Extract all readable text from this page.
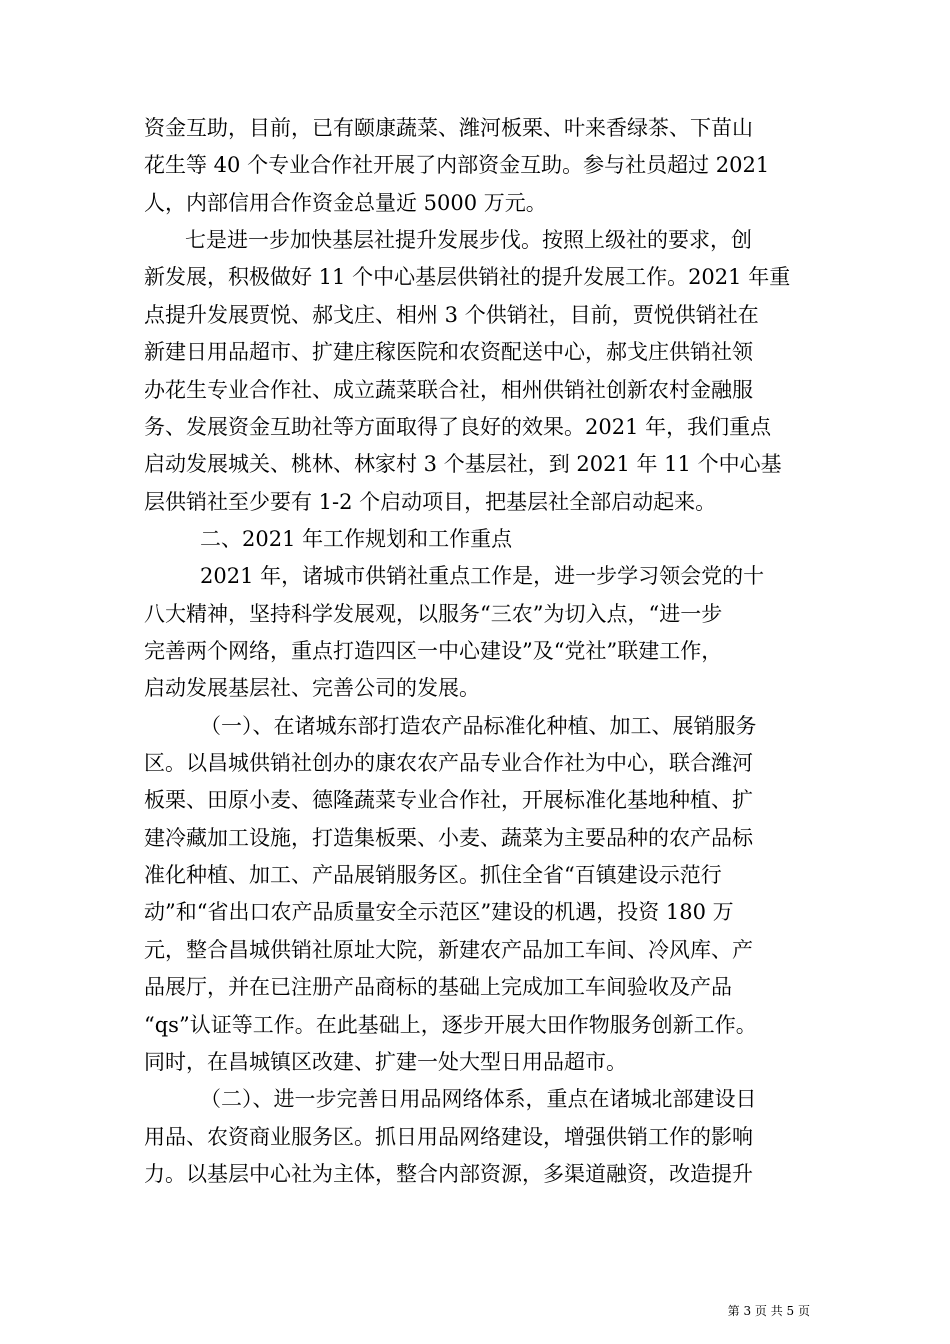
资金互助，目前，已有颐康蔬菜、潍河板栗、叶来香绿茶、下苗山
花生等 40 个专业合作社开展了内部资金互助。参与社员超过 2021
人，内部信用合作资金总量近 5000 万元。
七是进一步加快基层社提升发展步伐。按照上级社的要求，创
新发展，积极做好 11 个中心基层供销社的提升发展工作。2021 年重
点提升发展贾悦、郝戈庄、相州 3 个供销社，目前，贾悦供销社在
新建日用品超市、扩建庄稼医院和农资配送中心，郝戈庄供销社领
办花生专业合作社、成立蔬菜联合社，相州供销社创新农村金融服
务、发展资金互助社等方面取得了良好的效果。2021 年，我们重点
启动发展城关、桃林、林家村 3 个基层社，到 2021 年 11 个中心基
层供销社至少要有 1-2 个启动项目，把基层社全部启动起来。
二、2021 年工作规划和工作重点
2021 年，诸城市供销社重点工作是，进一步学习领会党的十
八大精神，坚持科学发展观，以服务“三农”为切入点，“进一步
完善两个网络，重点打造四区一中心建设”及“党社”联建工作，
启动发展基层社、完善公司的发展。
（一）、在诸城东部打造农产品标准化种植、加工、展销服务
区。以昌城供销社创办的康农农产品专业合作社为中心，联合潍河
板栗、田原小麦、德隆蔬菜专业合作社，开展标准化基地种植、扩
建冷藏加工设施，打造集板栗、小麦、蔬菜为主要品种的农产品标
准化种植、加工、产品展销服务区。抓住全省“百镇建设示范行
动”和“省出口农产品质量安全示范区”建设的机遇，投资 180 万
元，整合昌城供销社原址大院，新建农产品加工车间、冷风库、产
品展厅，并在已注册产品商标的基础上完成加工车间验收及产品
“qs”认证等工作。在此基础上，逐步开展大田作物服务创新工作。
同时，在昌城镇区改建、扩建一处大型日用品超市。
（二）、进一步完善日用品网络体系，重点在诸城北部建设日
用品、农资商业服务区。抓日用品网络建设，增强供销工作的影响
力。以基层中心社为主体，整合内部资源，多渠道融资，改造提升
第 3 页 共 5 页
